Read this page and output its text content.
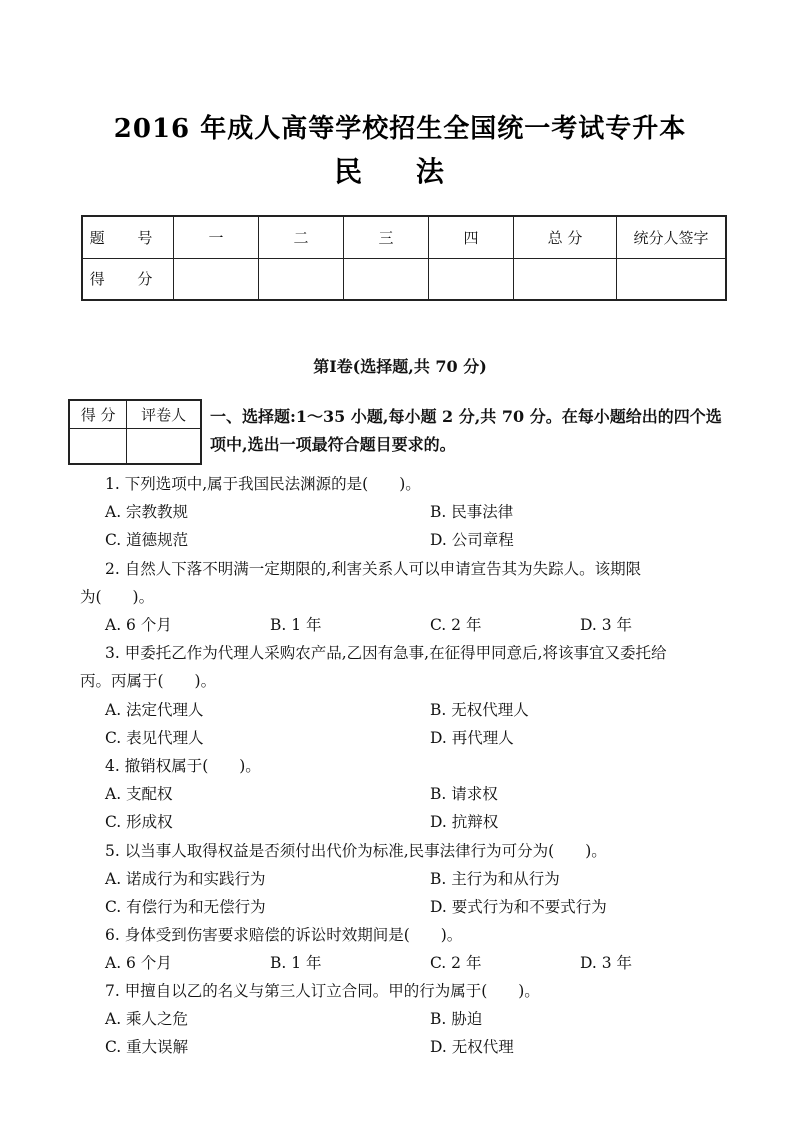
2016 年成人高等学校招生全国统一考试专升本
民 法
题 号	一	二	三	四	总 分	统分人签字
得 分						
第Ⅰ卷(选择题,共 70 分)
得 分	评卷人
	一、选择题:1～35 小题,每小题 2 分,共 70 分。在每小题给出的四个选
项中,选出一项最符合题目要求的。
1. 下列选项中,属于我国民法渊源的是(　　)。
A. 宗教教规	B. 民事法律
C. 道德规范	D. 公司章程
2. 自然人下落不明满一定期限的,利害关系人可以申请宣告其为失踪人。该期限
为(　　)。
A. 6 个月	B. 1 年	C. 2 年	D. 3 年
3. 甲委托乙作为代理人采购农产品,乙因有急事,在征得甲同意后,将该事宜又委托给
丙。丙属于(　　)。
A. 法定代理人	B. 无权代理人
C. 表见代理人	D. 再代理人
4. 撤销权属于(　　)。
A. 支配权	B. 请求权
C. 形成权	D. 抗辩权
5. 以当事人取得权益是否须付出代价为标准,民事法律行为可分为(　　)。
A. 诺成行为和实践行为	B. 主行为和从行为
C. 有偿行为和无偿行为	D. 要式行为和不要式行为
6. 身体受到伤害要求赔偿的诉讼时效期间是(　　)。
A. 6 个月	B. 1 年	C. 2 年	D. 3 年
7. 甲擅自以乙的名义与第三人订立合同。甲的行为属于(　　)。
A. 乘人之危	B. 胁迫
C. 重大误解	D. 无权代理
